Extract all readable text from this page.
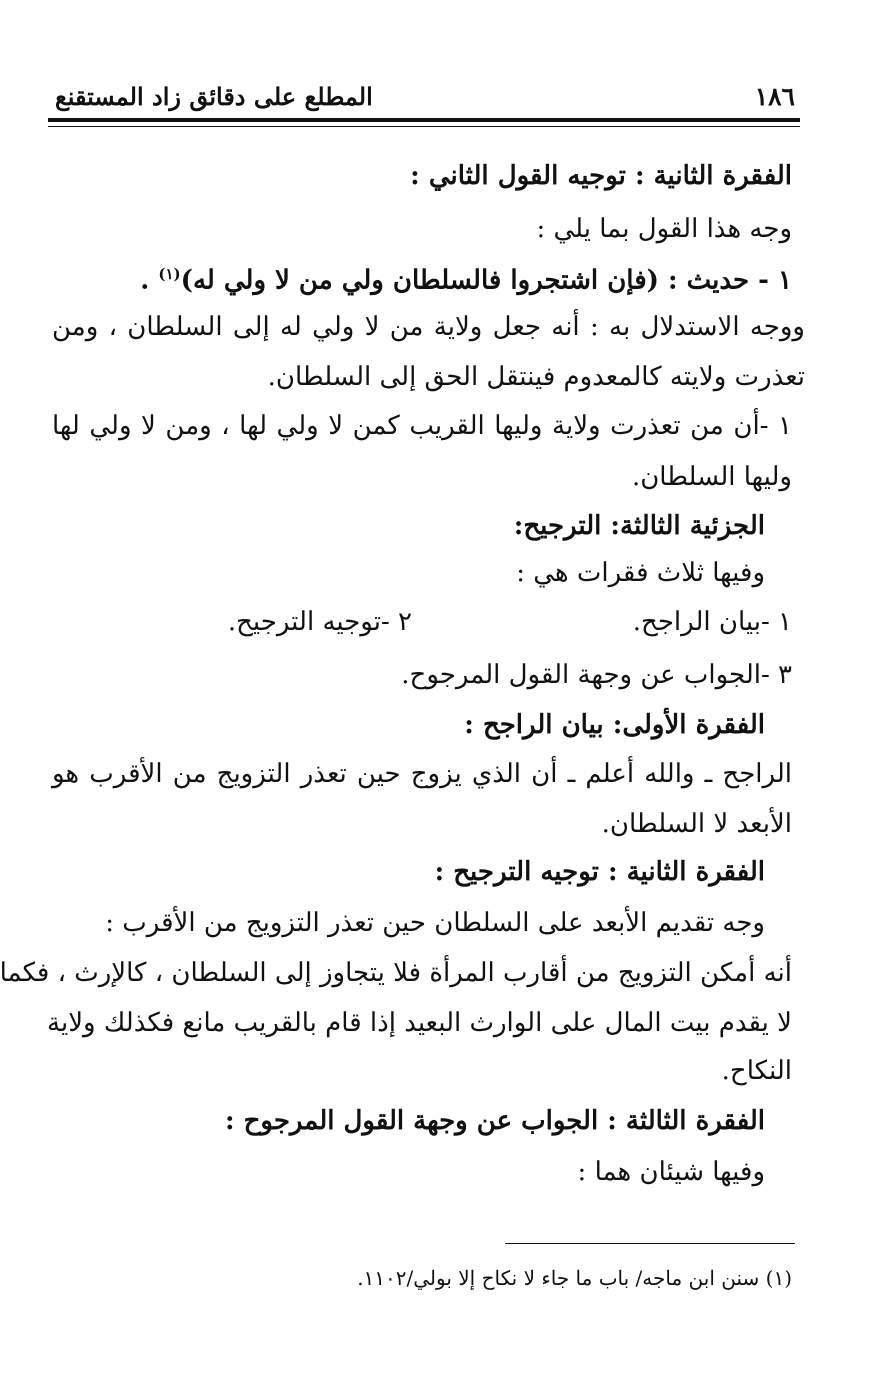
١٨٦
المطلع على دقائق زاد المستقنع
الفقرة الثانية : توجيه القول الثاني :
وجه هذا القول بما يلي :
١ - حديث : (فإن اشتجروا فالسلطان ولي من لا ولي له)$^{(١)}$ .
ووجه الاستدلال به : أنه جعل ولاية من لا ولي له إلى السلطان ، ومن
تعذرت ولايته كالمعدوم فينتقل الحق إلى السلطان.
١ -أن من تعذرت ولاية وليها القريب كمن لا ولي لها ، ومن لا ولي لها
وليها السلطان.
الجزئية الثالثة: الترجيح:
وفيها ثلاث فقرات هي :
١ -بيان الراجح.
٢ -توجيه الترجيح.
٣ -الجواب عن وجهة القول المرجوح.
الفقرة الأولى: بيان الراجح :
الراجح ـ والله أعلم ـ أن الذي يزوج حين تعذر التزويج من الأقرب هو
الأبعد لا السلطان.
الفقرة الثانية : توجيه الترجيح :
وجه تقديم الأبعد على السلطان حين تعذر التزويج من الأقرب :
أنه أمكن التزويج من أقارب المرأة فلا يتجاوز إلى السلطان ، كالإرث ، فكما
لا يقدم بيت المال على الوارث البعيد إذا قام بالقريب مانع فكذلك ولاية
النكاح.
الفقرة الثالثة : الجواب عن وجهة القول المرجوح :
وفيها شيئان هما :
(١) سنن ابن ماجه/ باب ما جاء لا نكاح إلا بولي/١١٠٢.
